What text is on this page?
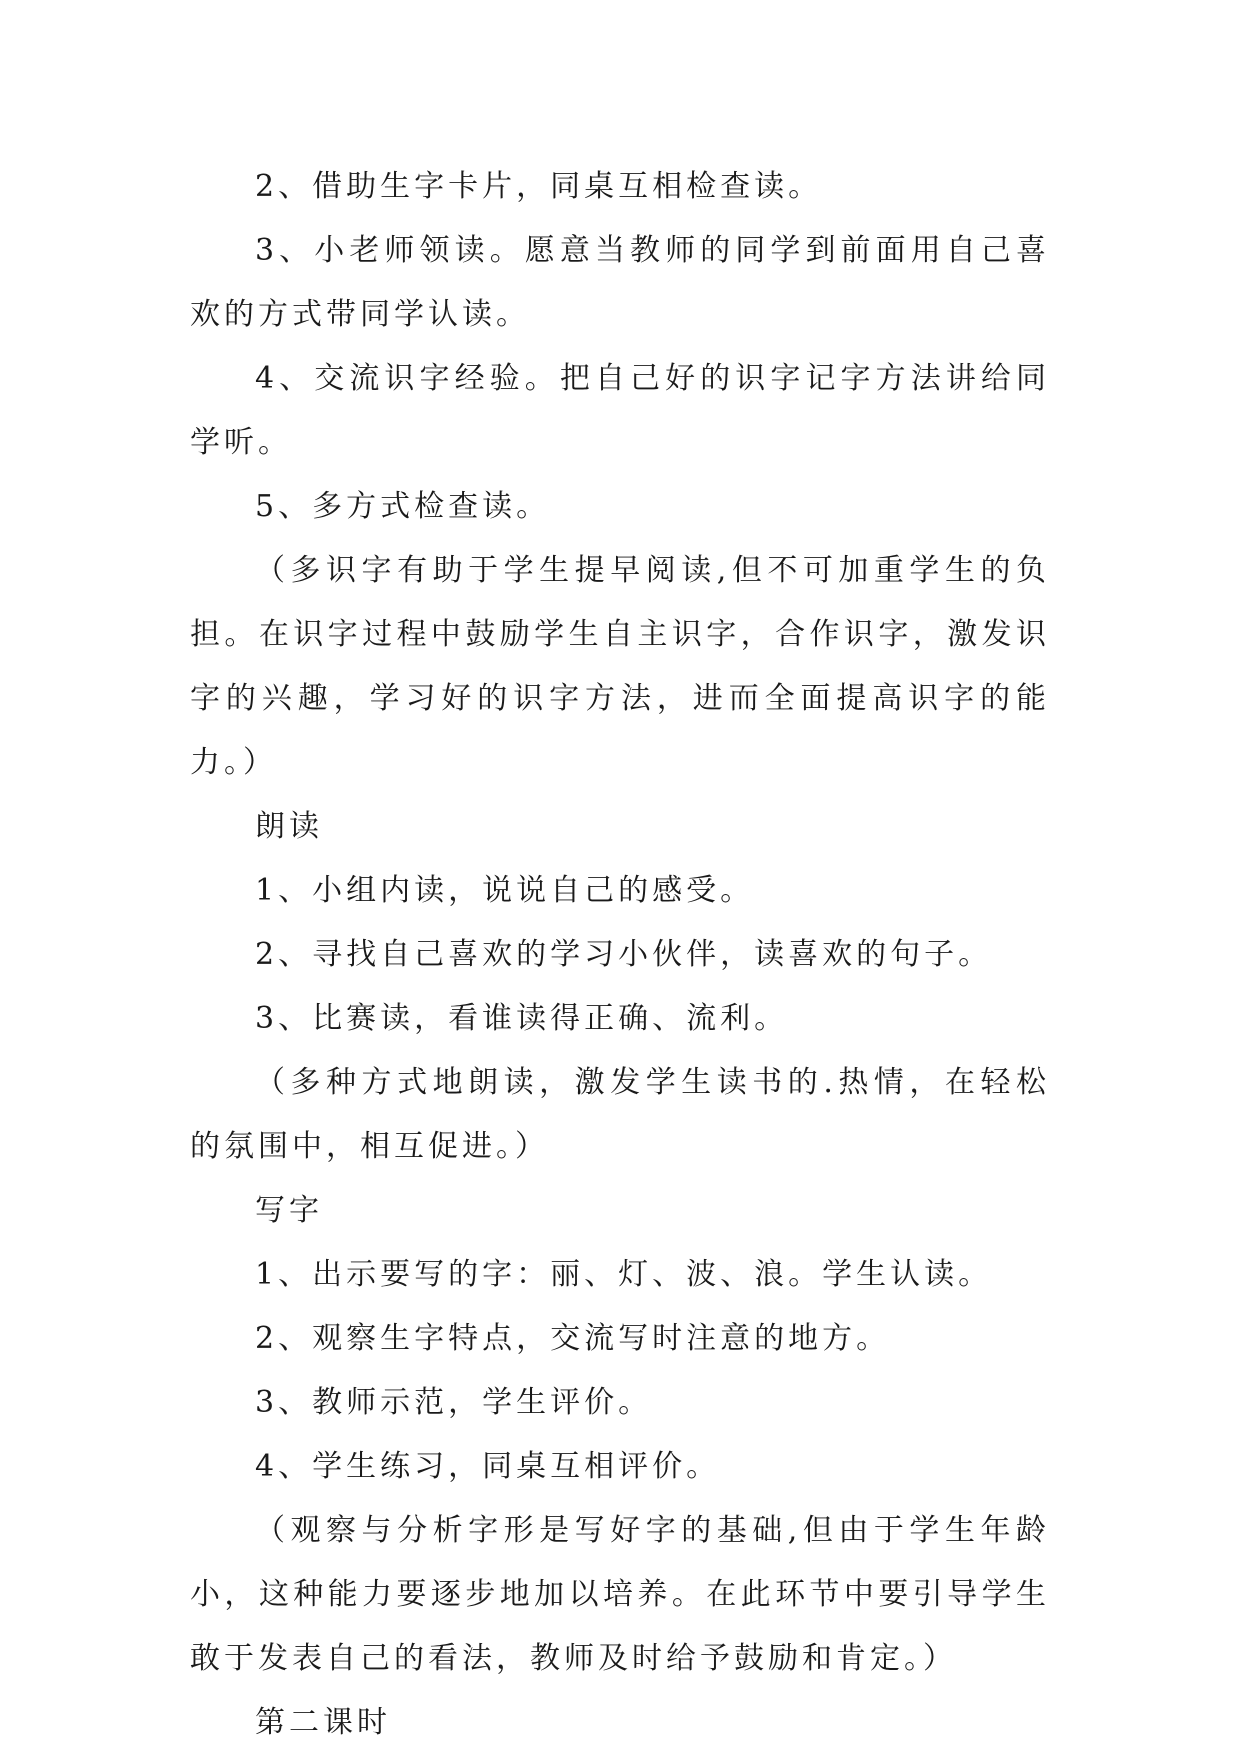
2、借助生字卡片，同桌互相检查读。

3、小老师领读。愿意当教师的同学到前面用自己喜欢的方式带同学认读。

4、交流识字经验。把自己好的识字记字方法讲给同学听。

5、多方式检查读。

（多识字有助于学生提早阅读,但不可加重学生的负担。在识字过程中鼓励学生自主识字，合作识字，激发识字的兴趣，学习好的识字方法，进而全面提高识字的能力。）

朗读

1、小组内读，说说自己的感受。

2、寻找自己喜欢的学习小伙伴，读喜欢的句子。

3、比赛读，看谁读得正确、流利。

（多种方式地朗读，激发学生读书的.热情，在轻松的氛围中，相互促进。）

写字

1、出示要写的字：丽、灯、波、浪。学生认读。

2、观察生字特点，交流写时注意的地方。

3、教师示范，学生评价。

4、学生练习，同桌互相评价。

（观察与分析字形是写好字的基础,但由于学生年龄小，这种能力要逐步地加以培养。在此环节中要引导学生敢于发表自己的看法，教师及时给予鼓励和肯定。）

第二课时
